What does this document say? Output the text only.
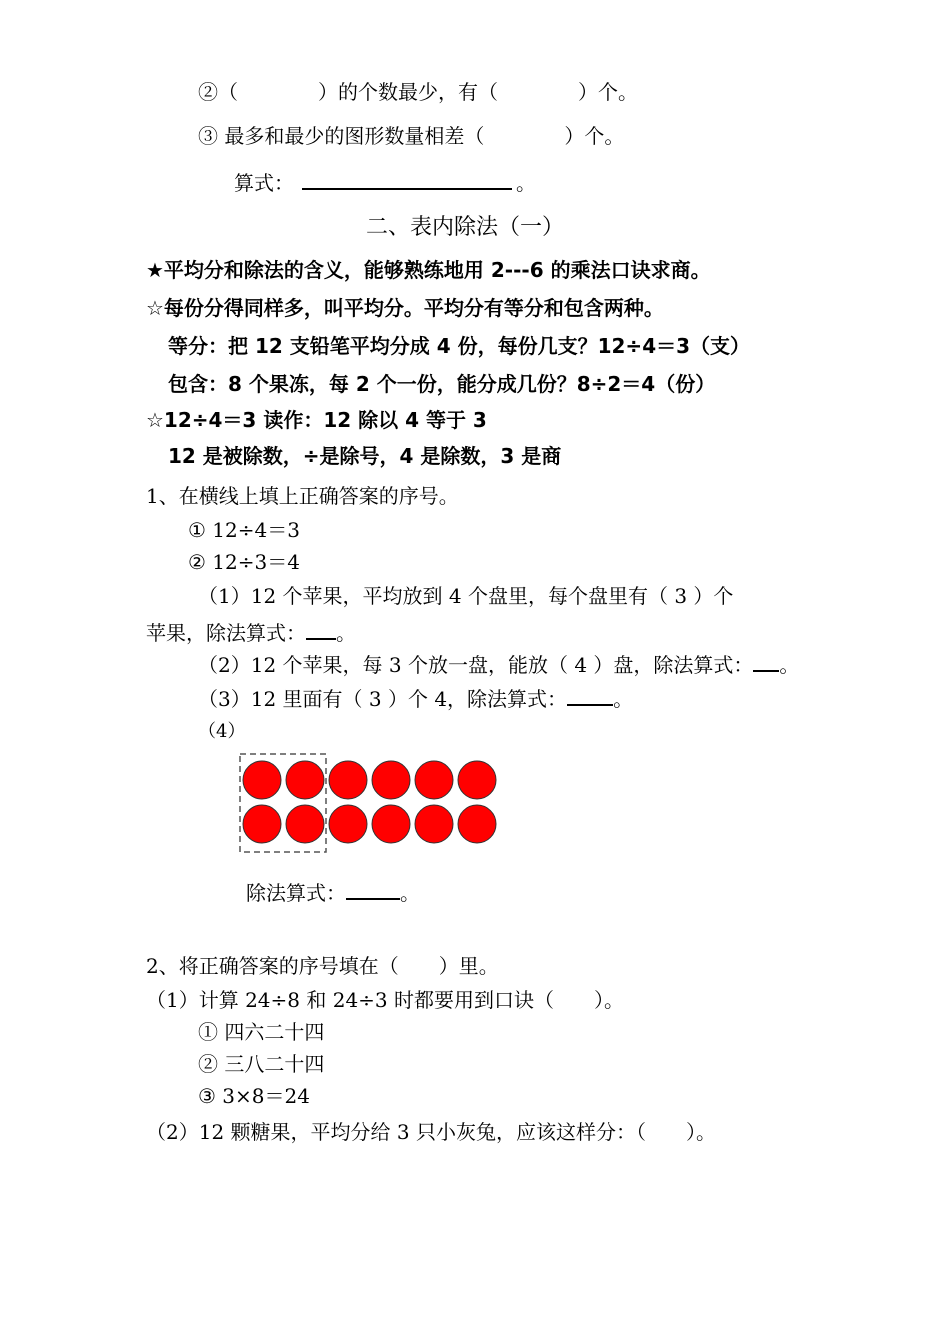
②（　　　　）的个数最少，有（　　　　）个。
③ 最多和最少的图形数量相差（　　　　）个。
算式：	。
二、表内除法（一）
★平均分和除法的含义，能够熟练地用 2---6 的乘法口诀求商。
☆每份分得同样多，叫平均分。平均分有等分和包含两种。
等分：把 12 支铅笔平均分成 4 份，每份几支？12÷4＝3（支）
包含：8 个果冻，每 2 个一份，能分成几份？8÷2＝4（份）
☆12÷4＝3 读作：12 除以 4 等于 3
12 是被除数，÷是除号，4 是除数，3 是商
1、在横线上填上正确答案的序号。
① 12÷4＝3
② 12÷3＝4
（1）12 个苹果，平均放到 4 个盘里，每个盘里有（ 3 ）个
苹果，除法算式： 。
（2）12 个苹果，每 3 个放一盘，能放（ 4 ）盘，除法算式： 。
（3）12 里面有（ 3 ）个 4，除法算式： 。
（4）
除法算式：	。
2、将正确答案的序号填在（　　）里。
（1）计算 24÷8 和 24÷3 时都要用到口诀（　　）。
① 四六二十四
② 三八二十四
③ 3×8＝24
（2）12 颗糖果，平均分给 3 只小灰兔，应该这样分：（　　）。
